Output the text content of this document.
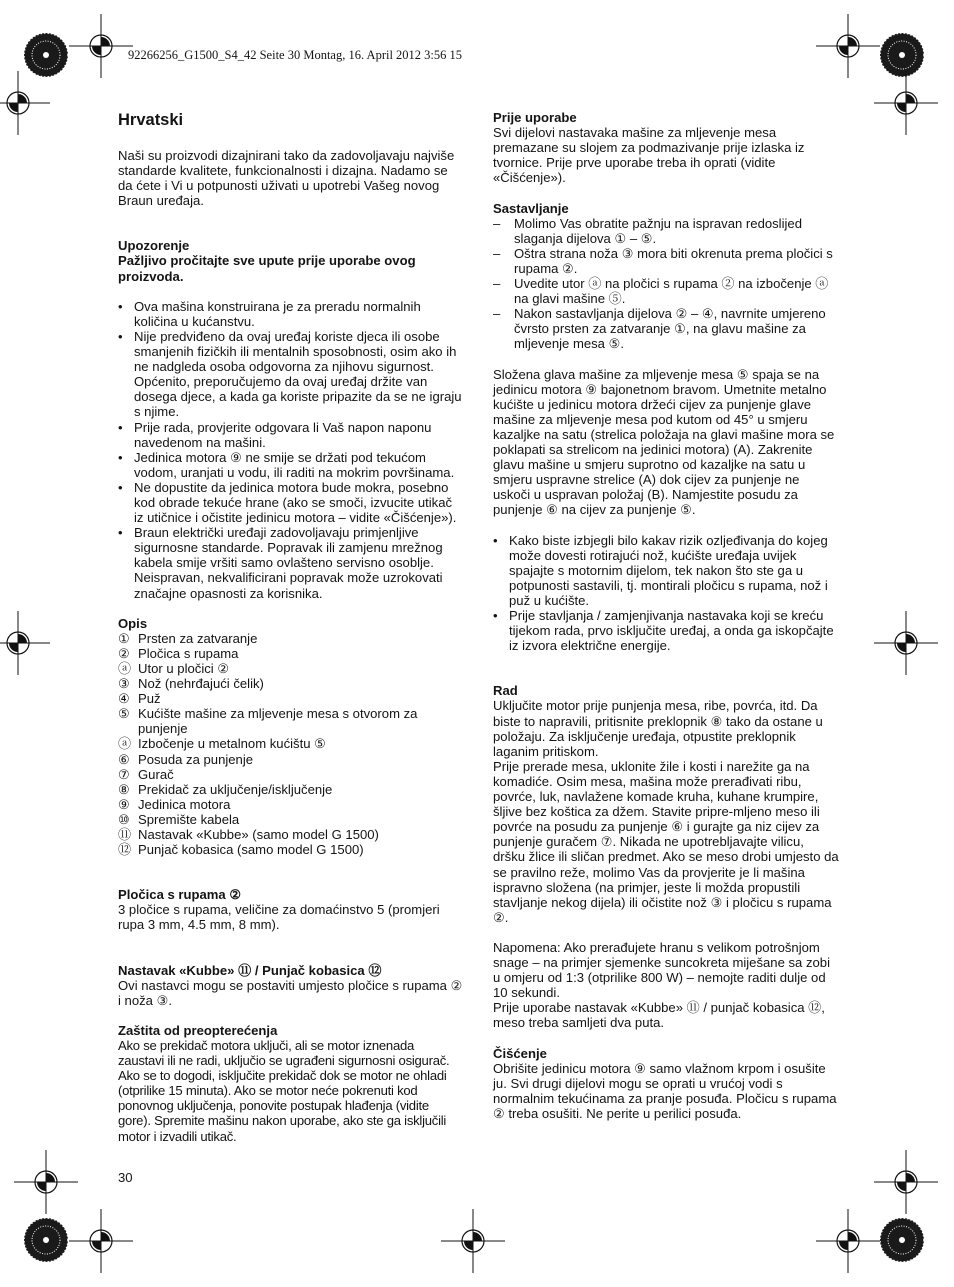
92266256_G1500_S4_42 Seite 30 Montag, 16. April 2012 3:56 15
Hrvatski

Naši su proizvodi dizajnirani tako da zadovoljavaju najviše standarde kvalitete, funkcionalnosti i dizajna. Nadamo se da ćete i Vi u potpunosti uživati u upotrebi Vašeg novog Braun uređaja.

Upozorenje

Pažljivo pročitajte sve upute prije uporabe ovog proizvoda.

• Ova mašina konstruirana je za preradu normalnih količina u kućanstvu.
• Nije predviđeno da ovaj uređaj koriste djeca ili osobe smanjenih fizičkih ili mentalnih sposobnosti, osim ako ih ne nadgleda osoba odgovorna za njihovu sigurnost. Općenito, preporučujemo da ovaj uređaj držite van dosega djece, a kada ga koriste pripazite da se ne igraju s njime.
• Prije rada, provjerite odgovara li Vaš napon naponu navedenom na mašini.
• Jedinica motora ⑨ ne smije se držati pod tekućom vodom, uranjati u vodu, ili raditi na mokrim površinama.
• Ne dopustite da jedinica motora bude mokra, posebno kod obrade tekuće hrane (ako se smoči, izvucite utikač iz utičnice i očistite jedinicu motora – vidite «Čišćenje»).
• Braun električki uređaji zadovoljavaju primjenljive sigurnosne standarde. Popravak ili zamjenu mrežnog kabela smije vršiti samo ovlašteno servisno osoblje. Neispravan, nekvalificirani popravak može uzrokovati značajne opasnosti za korisnika.

Opis

① Prsten za zatvaranje
② Pločica s rupama
ⓐ Utor u pločici ②
③ Nož (nehrđajući čelik)
④ Puž
⑤ Kućište mašine za mljevenje mesa s otvorom za punjenje
ⓐ Izbočenje u metalnom kućištu ⑤
⑥ Posuda za punjenje
⑦ Gurač
⑧ Prekidač za uključenje/isključenje
⑨ Jedinica motora
⑩ Spremište kabela
⑪ Nastavak «Kubbe» (samo model G 1500)
⑫ Punjač kobasica (samo model G 1500)

Pločica s rupama ②

3 pločice s rupama, veličine za domaćinstvo 5 (promjeri rupa 3 mm, 4.5 mm, 8 mm).

Nastavak «Kubbe» ⑪ / Punjač kobasica ⑫

Ovi nastavci mogu se postaviti umjesto pločice s rupama ② i noža ③.

Zaštita od preopterećenja

Ako se prekidač motora uključi, ali se motor iznenada zaustavi ili ne radi, uključio se ugrađeni sigurnosni osigurač. Ako se to dogodi, isključite prekidač dok se motor ne ohladi (otprilike 15 minuta). Ako se motor neće pokrenuti kod ponovnog uključenja, ponovite postupak hlađenja (vidite gore). Spremite mašinu nakon uporabe, ako ste ga isključili motor i izvadili utikač.

Prije uporabe

Svi dijelovi nastavaka mašine za mljevenje mesa premazane su slojem za podmazivanje prije izlaska iz tvornice. Prije prve uporabe treba ih oprati (vidite «Čišćenje»).

Sastavljanje

– Molimo Vas obratite pažnju na ispravan redoslijed slaganja dijelova ① – ⑤.
– Oštra strana noža ③ mora biti okrenuta prema pločici s rupama ②.
– Uvedite utor ⓐ na pločici s rupama ② na izbočenje ⓐ na glavi mašine ⑤.
– Nakon sastavljanja dijelova ② – ④, navrnite umjereno čvrsto prsten za zatvaranje ①, na glavu mašine za mljevenje mesa ⑤.

Složena glava mašine za mljevenje mesa ⑤ spaja se na jedinicu motora ⑨ bajonetnom bravom. Umetnite metalno kućište u jedinicu motora držeći cijev za punjenje glave mašine za mljevenje mesa pod kutom od 45° u smjeru kazaljke na satu (strelica položaja na glavi mašine mora se poklapati sa strelicom na jedinici motora) (A). Zakrenite glavu mašine u smjeru suprotno od kazaljke na satu u smjeru uspravne strelice (A) dok cijev za punjenje ne uskoči u uspravan položaj (B). Namjestite posudu za punjenje ⑥ na cijev za punjenje ⑤.

• Kako biste izbjegli bilo kakav rizik ozljeđivanja do kojeg može dovesti rotirajući nož, kućište uređaja uvijek spajajte s motornim dijelom, tek nakon što ste ga u potpunosti sastavili, tj. montirali pločicu s rupama, nož i puž u kućište.
• Prije stavljanja / zamjenjivanja nastavaka koji se kreću tijekom rada, prvo isključite uređaj, a onda ga iskopčajte iz izvora električne energije.

Rad

Uključite motor prije punjenja mesa, ribe, povrća, itd. Da biste to napravili, pritisnite preklopnik ⑧ tako da ostane u položaju. Za isključenje uređaja, otpustite preklopnik laganim pritiskom.

Prije prerade mesa, uklonite žile i kosti i narežite ga na komadiće. Osim mesa, mašina može prerađivati ribu, povrće, luk, navlažene komade kruha, kuhane krumpire, šljive bez koštica za džem. Stavite pripre-mljeno meso ili povrće na posudu za punjenje ⑥ i gurajte ga niz cijev za punjenje guračem ⑦. Nikada ne upotrebljavajte vilicu, dršku žlice ili sličan predmet. Ako se meso drobi umjesto da se pravilno reže, molimo Vas da provjerite je li mašina ispravno složena (na primjer, jeste li možda propustili stavljanje nekog dijela) ili očistite nož ③ i pločicu s rupama ②.

Napomena: Ako prerađujete hranu s velikom potrošnjom snage – na primjer sjemenke suncokreta miješane sa zobi u omjeru od 1:3 (otprilike 800 W) – nemojte raditi dulje od 10 sekundi.

Prije uporabe nastavak «Kubbe» ⑪ / punjač kobasica ⑫, meso treba samljeti dva puta.

Čišćenje

Obrišite jedinicu motora ⑨ samo vlažnom krpom i osušite ju. Svi drugi dijelovi mogu se oprati u vrućoj vodi s normalnim tekućinama za pranje posuđa. Pločicu s rupama ② treba osušiti. Ne perite u perilici posuđa.

30
